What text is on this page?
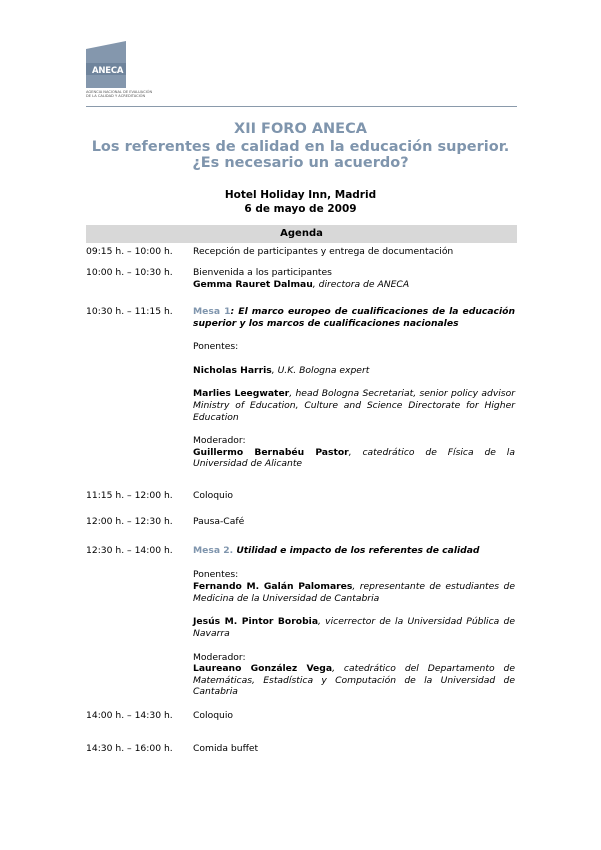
ANECA
AGENCIA NACIONAL DE EVALUACIÓN
DE LA CALIDAD Y ACREDITACIÓN
XII FORO ANECA
Los referentes de calidad en la educación superior.
¿Es necesario un acuerdo?
Hotel Holiday Inn, Madrid
6 de mayo de 2009
Agenda
09:15 h. – 10:00 h. Recepción de participantes y entrega de documentación

10:00 h. – 10:30 h. Bienvenida a los participantes

Gemma Rauret Dalmau, directora de ANECA

10:30 h. – 11:15 h. Mesa 1: El marco europeo de cualificaciones de la educación superior y los marcos de cualificaciones nacionales

Ponentes:

Nicholas Harris, U.K. Bologna expert

Marlies Leegwater, head Bologna Secretariat, senior policy advisor Ministry of Education, Culture and Science Directorate for Higher Education

Moderador:

Guillermo Bernabéu Pastor, catedrático de Física de la Universidad de Alicante

11:15 h. – 12:00 h. Coloquio

12:00 h. – 12:30 h. Pausa-Café

12:30 h. – 14:00 h. Mesa 2. Utilidad e impacto de los referentes de calidad

Ponentes:

Fernando M. Galán Palomares, representante de estudiantes de Medicina de la Universidad de Cantabria

Jesús M. Pintor Borobia, vicerrector de la Universidad Pública de Navarra

Moderador:

Laureano González Vega, catedrático del Departamento de Matemáticas, Estadística y Computación de la Universidad de Cantabria

14:00 h. – 14:30 h. Coloquio

14:30 h. – 16:00 h. Comida buffet
